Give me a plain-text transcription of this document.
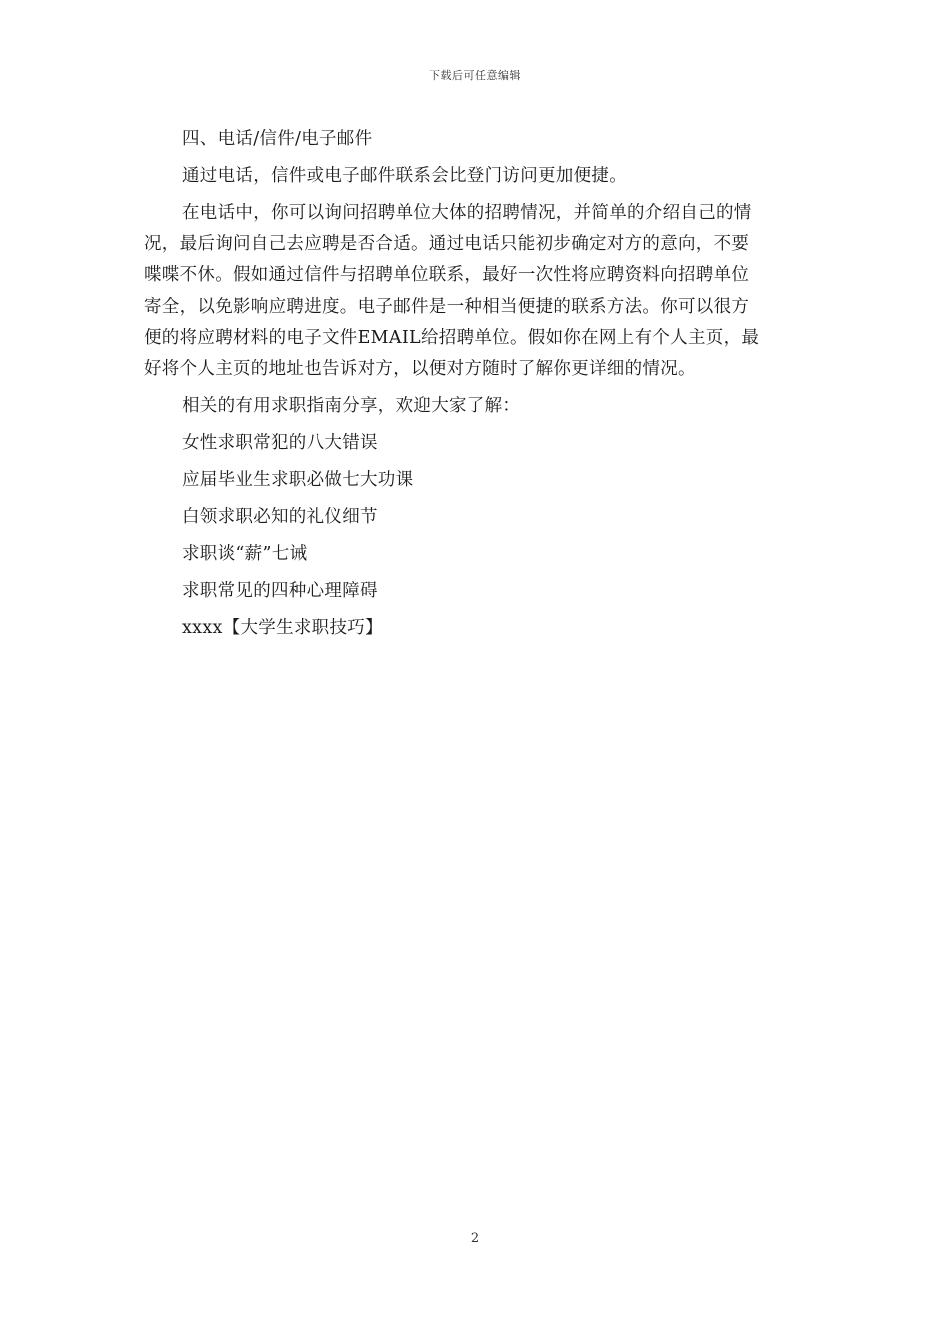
下载后可任意编辑

四、电话/信件/电子邮件

通过电话，信件或电子邮件联系会比登门访问更加便捷。

在电话中，你可以询问招聘单位大体的招聘情况，并简单的介绍自己的情
况，最后询问自己去应聘是否合适。通过电话只能初步确定对方的意向，不要
喋喋不休。假如通过信件与招聘单位联系，最好一次性将应聘资料向招聘单位
寄全，以免影响应聘进度。电子邮件是一种相当便捷的联系方法。你可以很方
便的将应聘材料的电子文件EMAIL给招聘单位。假如你在网上有个人主页，最
好将个人主页的地址也告诉对方，以便对方随时了解你更详细的情况。

相关的有用求职指南分享，欢迎大家了解：

女性求职常犯的八大错误

应届毕业生求职必做七大功课

白领求职必知的礼仪细节

求职谈“薪”七诫

求职常见的四种心理障碍

xxxx【大学生求职技巧】

2
